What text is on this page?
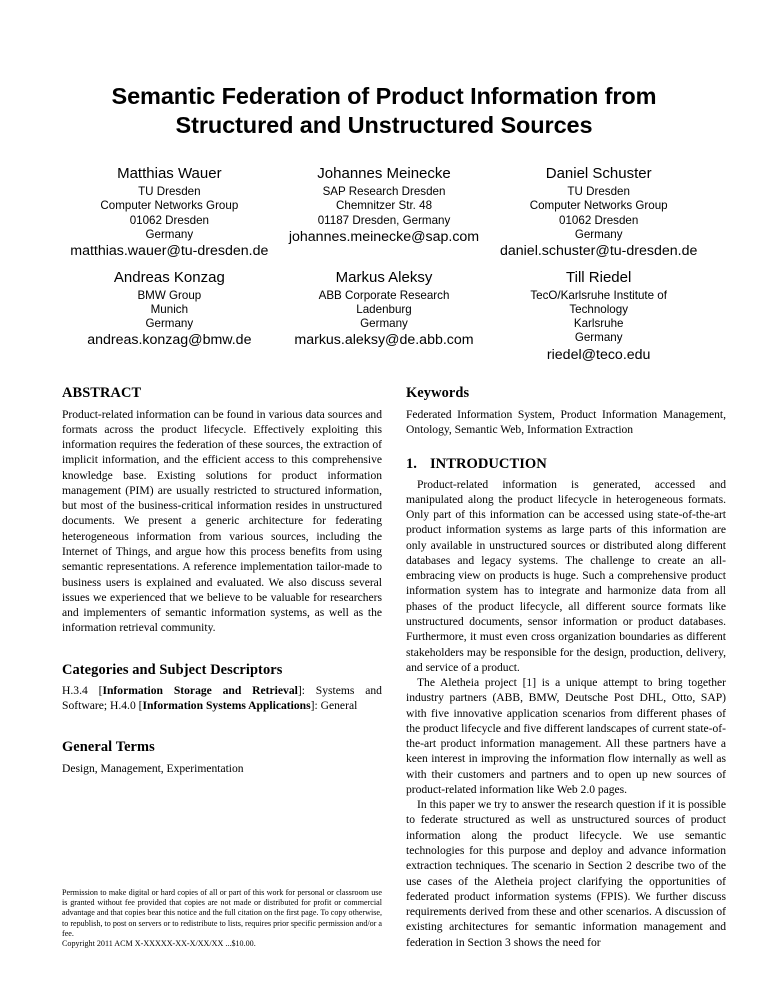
Semantic Federation of Product Information from Structured and Unstructured Sources
Matthias Wauer
TU Dresden
Computer Networks Group
01062 Dresden
Germany
matthias.wauer@tu-dresden.de
Johannes Meinecke
SAP Research Dresden
Chemnitzer Str. 48
01187 Dresden, Germany
johannes.meinecke@sap.com
Daniel Schuster
TU Dresden
Computer Networks Group
01062 Dresden
Germany
daniel.schuster@tu-dresden.de
Andreas Konzag
BMW Group
Munich
Germany
andreas.konzag@bmw.de
Markus Aleksy
ABB Corporate Research
Ladenburg
Germany
markus.aleksy@de.abb.com
Till Riedel
TecO/Karlsruhe Institute of
Technology
Karlsruhe
Germany
riedel@teco.edu
ABSTRACT

Product-related information can be found in various data sources and formats across the product lifecycle. Effectively exploiting this information requires the federation of these sources, the extraction of implicit information, and the efficient access to this comprehensive knowledge base. Existing solutions for product information management (PIM) are usually restricted to structured information, but most of the business-critical information resides in unstructured documents. We present a generic architecture for federating heterogeneous information from various sources, including the Internet of Things, and argue how this process benefits from using semantic representations. A reference implementation tailor-made to business users is explained and evaluated. We also discuss several issues we experienced that we believe to be valuable for researchers and implementers of semantic information systems, as well as the information retrieval community.

Categories and Subject Descriptors

H.3.4 [Information Storage and Retrieval]: Systems and Software; H.4.0 [Information Systems Applications]: General

General Terms

Design, Management, Experimentation

Permission to make digital or hard copies of all or part of this work for personal or classroom use is granted without fee provided that copies are not made or distributed for profit or commercial advantage and that copies bear this notice and the full citation on the first page. To copy otherwise, to republish, to post on servers or to redistribute to lists, requires prior specific permission and/or a fee.
Copyright 2011 ACM X-XXXXX-XX-X/XX/XX ...$10.00.
Keywords

Federated Information System, Product Information Management, Ontology, Semantic Web, Information Extraction

1. INTRODUCTION

Product-related information is generated, accessed and manipulated along the product lifecycle in heterogeneous formats. Only part of this information can be accessed using state-of-the-art product information systems as large parts of this information are only available in unstructured sources or distributed along different databases and legacy systems. The challenge to create an all-embracing view on products is huge. Such a comprehensive product information system has to integrate and harmonize data from all phases of the product lifecycle, all different source formats like unstructured documents, sensor information or product databases. Furthermore, it must even cross organization boundaries as different stakeholders may be responsible for the design, production, delivery, and service of a product.

The Aletheia project [1] is a unique attempt to bring together industry partners (ABB, BMW, Deutsche Post DHL, Otto, SAP) with five innovative application scenarios from different phases of the product lifecycle and five different landscapes of current state-of-the-art product information management. All these partners have a keen interest in improving the information flow internally as well as with their customers and partners and to open up new sources of product-related information like Web 2.0 pages.

In this paper we try to answer the research question if it is possible to federate structured as well as unstructured sources of product information along the product lifecycle. We use semantic technologies for this purpose and deploy and advance information extraction techniques. The scenario in Section 2 describe two of the use cases of the Aletheia project clarifying the opportunities of federated product information systems (FPIS). We further discuss requirements derived from these and other scenarios. A discussion of existing architectures for semantic information management and federation in Section 3 shows the need for
